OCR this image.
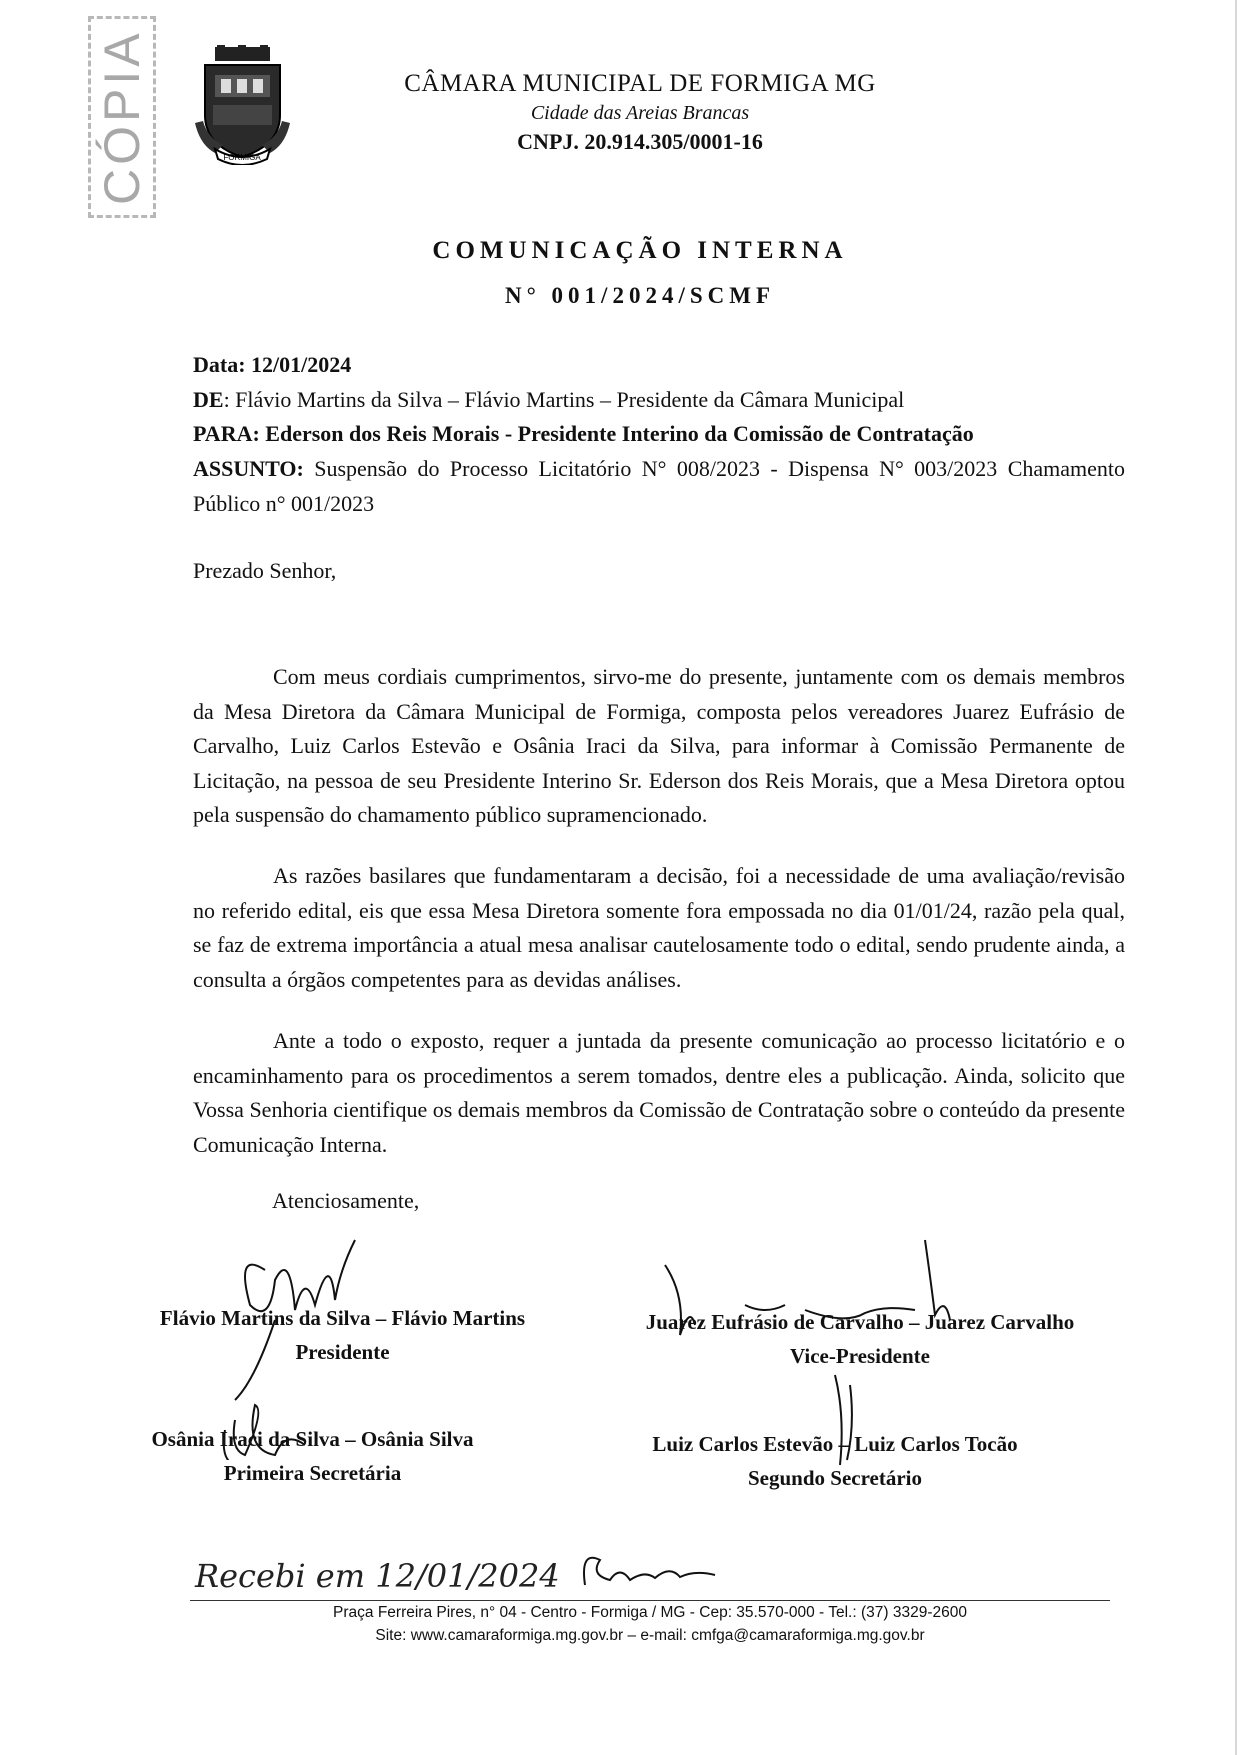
CÓPIA	FORMIGA
CÂMARA MUNICIPAL DE FORMIGA MG
Cidade das Areias Brancas
CNPJ. 20.914.305/0001-16
COMUNICAÇÃO INTERNA
N° 001/2024/SCMF
Data: 12/01/2024
DE: Flávio Martins da Silva – Flávio Martins – Presidente da Câmara Municipal
PARA: Ederson dos Reis Morais - Presidente Interino da Comissão de Contratação
ASSUNTO: Suspensão do Processo Licitatório N° 008/2023 - Dispensa N° 003/2023 Chamamento Público n° 001/2023
Prezado Senhor,
Com meus cordiais cumprimentos, sirvo-me do presente, juntamente com os demais membros da Mesa Diretora da Câmara Municipal de Formiga, composta pelos vereadores Juarez Eufrásio de Carvalho, Luiz Carlos Estevão e Osânia Iraci da Silva, para informar à Comissão Permanente de Licitação, na pessoa de seu Presidente Interino Sr. Ederson dos Reis Morais, que a Mesa Diretora optou pela suspensão do chamamento público supramencionado.
As razões basilares que fundamentaram a decisão, foi a necessidade de uma avaliação/revisão no referido edital, eis que essa Mesa Diretora somente fora empossada no dia 01/01/24, razão pela qual, se faz de extrema importância a atual mesa analisar cautelosamente todo o edital, sendo prudente ainda, a consulta a órgãos competentes para as devidas análises.
Ante a todo o exposto, requer a juntada da presente comunicação ao processo licitatório e o encaminhamento para os procedimentos a serem tomados, dentre eles a publicação. Ainda, solicito que Vossa Senhoria cientifique os demais membros da Comissão de Contratação sobre o conteúdo da presente Comunicação Interna.
Atenciosamente,
Flávio Martins da Silva – Flávio Martins
Presidente
Juarez Eufrásio de Carvalho – Juarez Carvalho
Vice-Presidente
Osânia Iraci da Silva – Osânia Silva
Primeira Secretária
Luiz Carlos Estevão – Luiz Carlos Tocão
Segundo Secretário
Recebi em 12/01/2024
Praça Ferreira Pires, n° 04 - Centro - Formiga / MG - Cep: 35.570-000 - Tel.: (37) 3329-2600
Site: www.camaraformiga.mg.gov.br – e-mail: cmfga@camaraformiga.mg.gov.br
